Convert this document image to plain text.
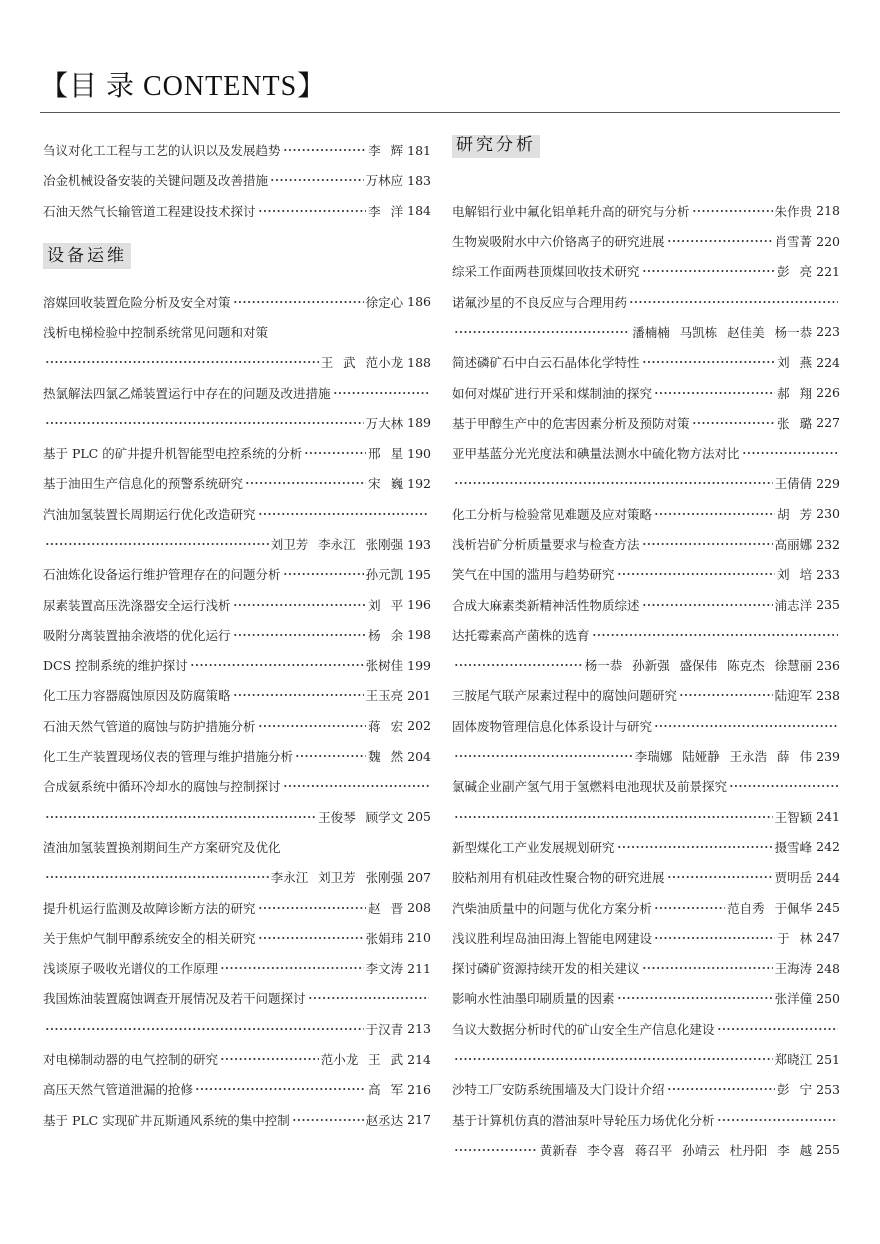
【目 录 CONTENTS】
刍议对化工工程与工艺的认识以及发展趋势	李 辉 181
冶金机械设备安装的关键问题及改善措施	万林应 183
石油天然气长输管道工程建设技术探讨	李 洋 184
设备运维
溶媒回收装置危险分析及安全对策	徐定心 186
浅析电梯检验中控制系统常见问题和对策
王 武 范小龙 188
热氯解法四氯乙烯装置运行中存在的问题及改进措施
万大林 189
基于 PLC 的矿井提升机智能型电控系统的分析	邢 星 190
基于油田生产信息化的预警系统研究	宋 巍 192
汽油加氢装置长周期运行优化改造研究
刘卫芳 李永江 张刚强 193
石油炼化设备运行维护管理存在的问题分析	孙元凯 195
尿素装置高压洗涤器安全运行浅析	刘 平 196
吸附分离装置抽余液塔的优化运行	杨 余 198
DCS 控制系统的维护探讨	张树佳 199
化工压力容器腐蚀原因及防腐策略	王玉亮 201
石油天然气管道的腐蚀与防护措施分析	蒋 宏 202
化工生产装置现场仪表的管理与维护措施分析	魏 然 204
合成氨系统中循环冷却水的腐蚀与控制探讨
王俊琴 顾学文 205
渣油加氢装置换剂期间生产方案研究及优化
李永江 刘卫芳 张刚强 207
提升机运行监测及故障诊断方法的研究	赵 晋 208
关于焦炉气制甲醇系统安全的相关研究	张娟玮 210
浅谈原子吸收光谱仪的工作原理	李文涛 211
我国炼油装置腐蚀调查开展情况及若干问题探讨
于汉青 213
对电梯制动器的电气控制的研究	范小龙 王 武 214
高压天然气管道泄漏的抢修	高 军 216
基于 PLC 实现矿井瓦斯通风系统的集中控制	赵丞达 217
研究分析
电解铝行业中氟化铝单耗升高的研究与分析	朱作贵 218
生物炭吸附水中六价铬离子的研究进展	肖雪菁 220
综采工作面两巷顶煤回收技术研究	彭 亮 221
诺氟沙星的不良反应与合理用药
潘楠楠 马凯栋 赵佳美 杨一恭 223
简述磷矿石中白云石晶体化学特性	刘 燕 224
如何对煤矿进行开采和煤制油的探究	郝 翔 226
基于甲醇生产中的危害因素分析及预防对策	张 璐 227
亚甲基蓝分光光度法和碘量法测水中硫化物方法对比
王倩倩 229
化工分析与检验常见难题及应对策略	胡 芳 230
浅析岩矿分析质量要求与检查方法	高丽娜 232
笑气在中国的滥用与趋势研究	刘 培 233
合成大麻素类新精神活性物质综述	浦志洋 235
达托霉素高产菌株的选育
杨一恭 孙新强 盛保伟 陈克杰 徐慧丽 236
三胺尾气联产尿素过程中的腐蚀问题研究	陆迎军 238
固体废物管理信息化体系设计与研究
李瑞娜 陆娅静 王永浩 薛 伟 239
氯碱企业副产氢气用于氢燃料电池现状及前景探究
王智颖 241
新型煤化工产业发展规划研究	摄雪峰 242
胶粘剂用有机硅改性聚合物的研究进展	贾明岳 244
汽柴油质量中的问题与优化方案分析	范自秀 于佩华 245
浅议胜利埕岛油田海上智能电网建设	于 林 247
探讨磷矿资源持续开发的相关建议	王海涛 248
影响水性油墨印刷质量的因素	张洋僮 250
刍议大数据分析时代的矿山安全生产信息化建设
郑晓江 251
沙特工厂安防系统围墙及大门设计介绍	彭 宁 253
基于计算机仿真的潜油泵叶导轮压力场优化分析
黄新春 李令喜 蒋召平 孙靖云 杜丹阳 李 越 255
